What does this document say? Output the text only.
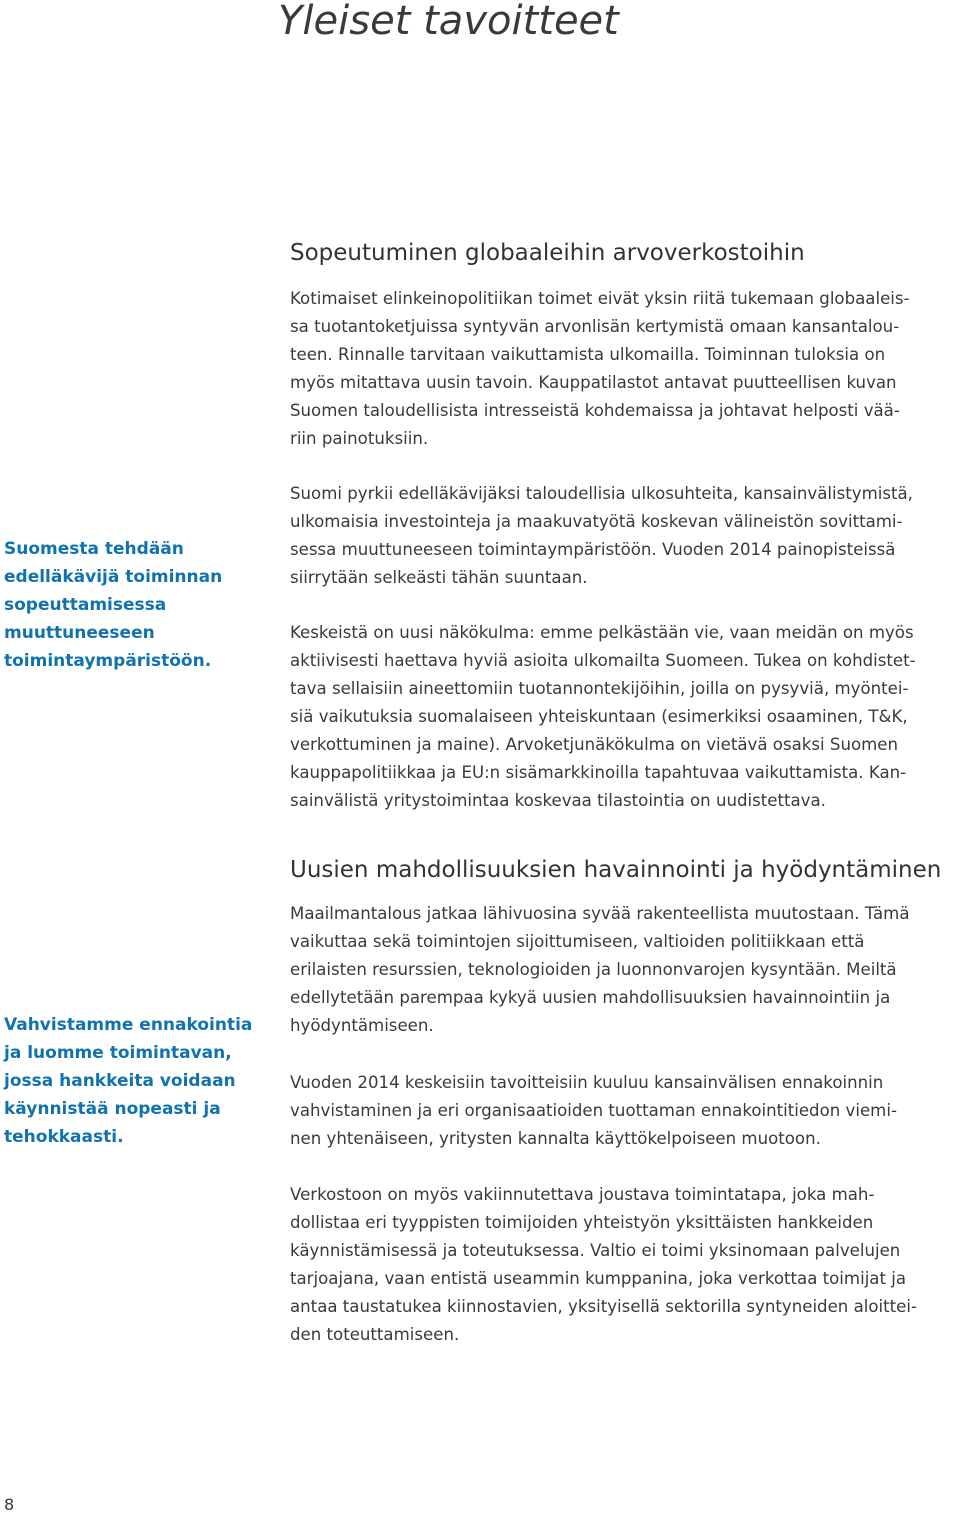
Yleiset tavoitteet
Sopeutuminen globaaleihin arvoverkostoihin

Kotimaiset elinkeinopolitiikan toimet eivät yksin riitä tukemaan globaaleis-
sa tuotantoketjuissa syntyvän arvonlisän kertymistä omaan kansantalou-
teen. Rinnalle tarvitaan vaikuttamista ulkomailla. Toiminnan tuloksia on
myös mitattava uusin tavoin. Kauppatilastot antavat puutteellisen kuvan
Suomen taloudellisista intresseistä kohdemaissa ja johtavat helposti vää-
riin painotuksiin.

Suomi pyrkii edelläkävijäksi taloudellisia ulkosuhteita, kansainvälistymistä,
ulkomaisia investointeja ja maakuvatyötä koskevan välineistön sovittami-
sessa muuttuneeseen toimintaympäristöön. Vuoden 2014 painopisteissä
siirrytään selkeästi tähän suuntaan.

Keskeistä on uusi näkökulma: emme pelkästään vie, vaan meidän on myös
aktiivisesti haettava hyviä asioita ulkomailta Suomeen. Tukea on kohdistet-
tava sellaisiin aineettomiin tuotannontekijöihin, joilla on pysyviä, myöntei-
siä vaikutuksia suomalaiseen yhteiskuntaan (esimerkiksi osaaminen, T&K,
verkottuminen ja maine). Arvoketjunäkökulma on vietävä osaksi Suomen
kauppapolitiikkaa ja EU:n sisämarkkinoilla tapahtuvaa vaikuttamista. Kan-
sainvälistä yritystoimintaa koskevaa tilastointia on uudistettava.

Uusien mahdollisuuksien havainnointi ja hyödyntäminen

Maailmantalous jatkaa lähivuosina syvää rakenteellista muutostaan. Tämä
vaikuttaa sekä toimintojen sijoittumiseen, valtioiden politiikkaan että
erilaisten resurssien, teknologioiden ja luonnonvarojen kysyntään. Meiltä
edellytetään parempaa kykyä uusien mahdollisuuksien havainnointiin ja
hyödyntämiseen.

Vuoden 2014 keskeisiin tavoitteisiin kuuluu kansainvälisen ennakoinnin
vahvistaminen ja eri organisaatioiden tuottaman ennakointitiedon viemi-
nen yhtenäiseen, yritysten kannalta käyttökelpoiseen muotoon.

Verkostoon on myös vakiinnutettava joustava toimintatapa, joka mah-
dollistaa eri tyyppisten toimijoiden yhteistyön yksittäisten hankkeiden
käynnistämisessä ja toteutuksessa. Valtio ei toimi yksinomaan palvelujen
tarjoajana, vaan entistä useammin kumppanina, joka verkottaa toimijat ja
antaa taustatukea kiinnostavien, yksityisellä sektorilla syntyneiden aloittei-
den toteuttamiseen.

Suomesta tehdään
edelläkävijä toiminnan
sopeuttamisessa
muuttuneeseen
toimintaympäristöön.

Vahvistamme ennakointia
ja luomme toimintavan,
jossa hankkeita voidaan
käynnistää nopeasti ja
tehokkaasti.

8
